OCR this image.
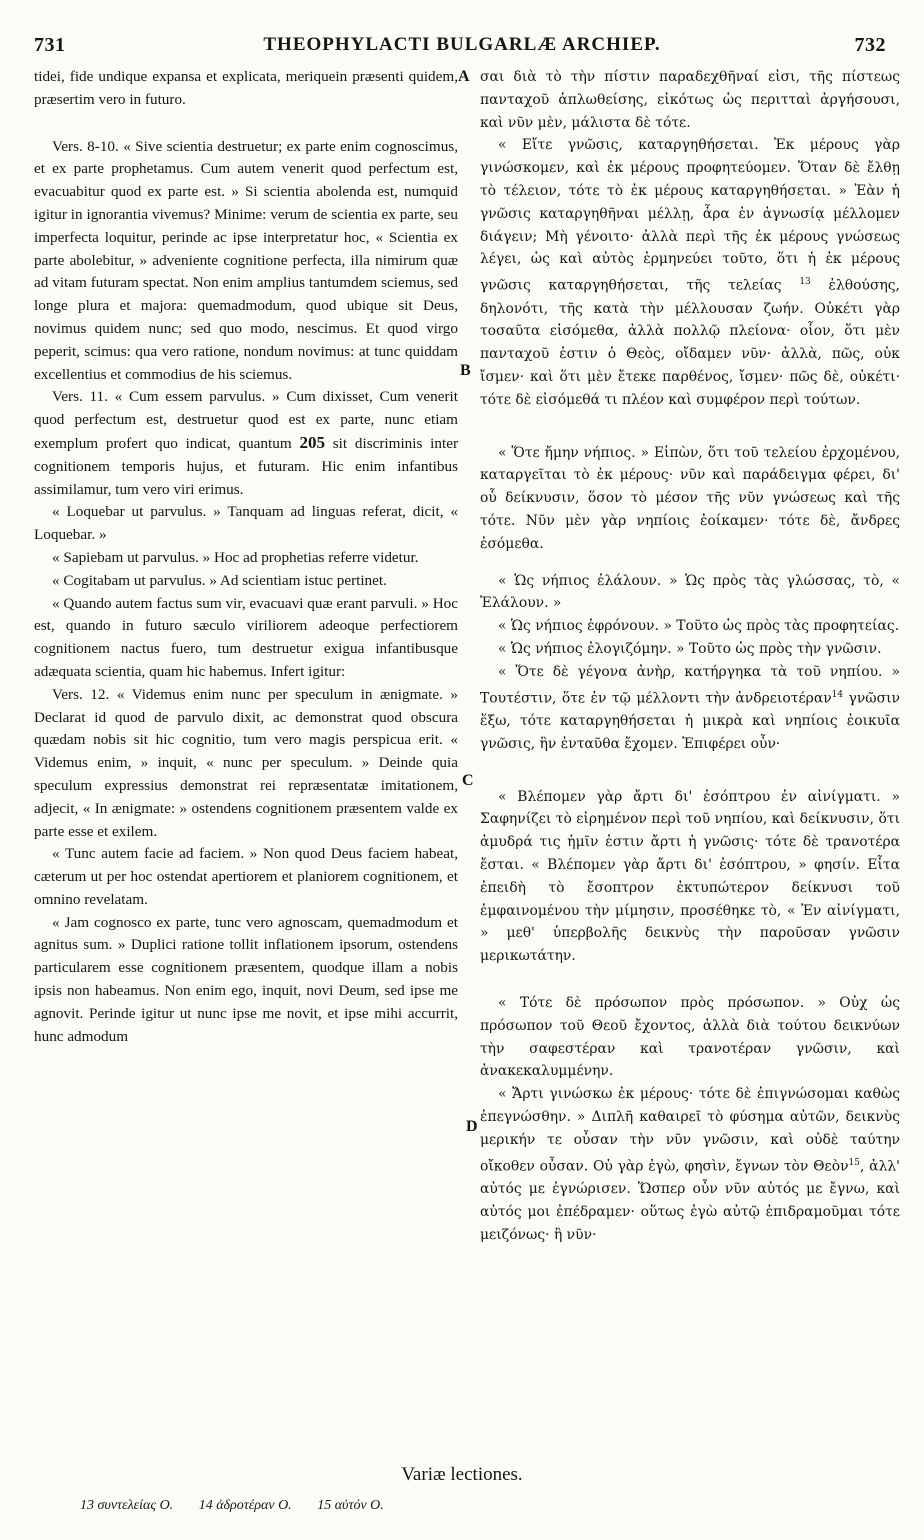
731	THEOPHYLACTI BULGARLÆ ARCHIEP.	732
A
B
C
D

tidei, fide undique expansa et explicata, meriquein præsenti quidem, præsertim vero in futuro.

Vers. 8-10. « Sive scientia destruetur; ex parte enim cognoscimus, et ex parte prophetamus. Cum autem venerit quod perfectum est, evacuabitur quod ex parte est. » Si scientia abolenda est, numquid igitur in ignorantia vivemus? Minime: verum de scientia ex parte, seu imperfecta loquitur, perinde ac ipse interpretatur hoc, « Scientia ex parte abolebitur, » adveniente cognitione perfecta, illa nimirum quæ ad vitam futuram spectat. Non enim amplius tantumdem sciemus, sed longe plura et majora: quemadmodum, quod ubique sit Deus, novimus quidem nunc; sed quo modo, nescimus. Et quod virgo peperit, scimus: qua vero ratione, nondum novimus: at tunc quiddam excellentius et commodius de his sciemus.

Vers. 11. « Cum essem parvulus. » Cum dixisset, Cum venerit quod perfectum est, destruetur quod est ex parte, nunc etiam exemplum profert quo indicat, quantum 205 sit discriminis inter cognitionem temporis hujus, et futuram. Hic enim infantibus assimilamur, tum vero viri erimus.

« Loquebar ut parvulus. » Tanquam ad linguas referat, dicit, « Loquebar. »

« Sapiebam ut parvulus. » Hoc ad prophetias referre videtur.

« Cogitabam ut parvulus. » Ad scientiam istuc pertinet.

« Quando autem factus sum vir, evacuavi quæ erant parvuli. » Hoc est, quando in futuro sæculo viriliorem adeoque perfectiorem cognitionem nactus fuero, tum destruetur exigua infantibusque adæquata scientia, quam hic habemus. Infert igitur:

Vers. 12. « Videmus enim nunc per speculum in ænigmate. » Declarat id quod de parvulo dixit, ac demonstrat quod obscura quædam nobis sit hic cognitio, tum vero magis perspicua erit. « Videmus enim, » inquit, « nunc per speculum. » Deinde quia speculum expressius demonstrat rei repræsentatæ imitationem, adjecit, « In ænigmate: » ostendens cognitionem præsentem valde ex parte esse et exilem.

« Tunc autem facie ad faciem. » Non quod Deus faciem habeat, cæterum ut per hoc ostendat apertiorem et planiorem cognitionem, et omnino revelatam.

« Jam cognosco ex parte, tunc vero agnoscam, quemadmodum et agnitus sum. » Duplici ratione tollit inflationem ipsorum, ostendens particularem esse cognitionem præsentem, quodque illam a nobis ipsis non habeamus. Non enim ego, inquit, novi Deum, sed ipse me agnovit. Perinde igitur ut nunc ipse me novit, et ipse mihi accurrit, hunc admodum

σαι διὰ τὸ τὴν πίστιν παραδεχθῆναί εἰσι, τῆς πίστεως πανταχοῦ ἁπλωθείσης, εἰκότως ὡς περιτταὶ ἀργήσουσι, καὶ νῦν μὲν, μάλιστα δὲ τότε.

« Εἴτε γνῶσις, καταργηθήσεται. Ἐκ μέρους γὰρ γινώσκομεν, καὶ ἐκ μέρους προφητεύομεν. Ὅταν δὲ ἔλθῃ τὸ τέλειον, τότε τὸ ἐκ μέρους καταργηθήσεται. » Ἐὰν ἡ γνῶσις καταργηθῆναι μέλλῃ, ἆρα ἐν ἀγνωσίᾳ μέλλομεν διάγειν; Μὴ γένοιτο· ἀλλὰ περὶ τῆς ἐκ μέρους γνώσεως λέγει, ὡς καὶ αὐτὸς ἑρμηνεύει τοῦτο, ὅτι ἡ ἐκ μέρους γνῶσις καταργηθήσεται, τῆς τελείας $^{13}$ ἐλθούσης, δηλονότι, τῆς κατὰ τὴν μέλλουσαν ζωήν. Οὐκέτι γὰρ τοσαῦτα εἰσόμεθα, ἀλλὰ πολλῷ πλείονα· οἷον, ὅτι μὲν πανταχοῦ ἐστιν ὁ Θεὸς, οἴδαμεν νῦν· ἀλλὰ, πῶς, οὐκ ἴσμεν· καὶ ὅτι μὲν ἔτεκε παρθένος, ἴσμεν· πῶς δὲ, οὐκέτι· τότε δὲ εἰσόμεθά τι πλέον καὶ συμφέρον περὶ τούτων.

« Ὅτε ἤμην νήπιος. » Εἰπὼν, ὅτι τοῦ τελείου ἐρχομένου, καταργεῖται τὸ ἐκ μέρους· νῦν καὶ παράδειγμα φέρει, δι' οὗ δείκνυσιν, ὅσον τὸ μέσον τῆς νῦν γνώσεως καὶ τῆς τότε. Νῦν μὲν γὰρ νηπίοις ἐοίκαμεν· τότε δὲ, ἄνδρες ἐσόμεθα.

« Ὡς νήπιος ἐλάλουν. » Ὡς πρὸς τὰς γλώσσας, τὸ, « Ἐλάλουν. »

« Ὡς νήπιος ἐφρόνουν. » Τοῦτο ὡς πρὸς τὰς προφητείας.

« Ὡς νήπιος ἐλογιζόμην. » Τοῦτο ὡς πρὸς τὴν γνῶσιν.

« Ὅτε δὲ γέγονα ἀνὴρ, κατήργηκα τὰ τοῦ νηπίου. » Τουτέστιν, ὅτε ἐν τῷ μέλλοντι τὴν ἀνδρειοτέραν$^{14}$ γνῶσιν ἕξω, τότε καταργηθήσεται ἡ μικρὰ καὶ νηπίοις ἐοικυῖα γνῶσις, ἣν ἐνταῦθα ἔχομεν. Ἐπιφέρει οὖν·

« Βλέπομεν γὰρ ἄρτι δι' ἐσόπτρου ἐν αἰνίγματι. » Σαφηνίζει τὸ εἰρημένον περὶ τοῦ νηπίου, καὶ δείκνυσιν, ὅτι ἀμυδρά τις ἡμῖν ἐστιν ἄρτι ἡ γνῶσις· τότε δὲ τρανοτέρα ἔσται. « Βλέπομεν γὰρ ἄρτι δι' ἐσόπτρου, » φησίν. Εἶτα ἐπειδὴ τὸ ἔσοπτρον ἐκτυπώτερον δείκνυσι τοῦ ἐμφαινομένου τὴν μίμησιν, προσέθηκε τὸ, « Ἐν αἰνίγματι, » μεθ' ὑπερβολῆς δεικνὺς τὴν παροῦσαν γνῶσιν μερικωτάτην.

« Τότε δὲ πρόσωπον πρὸς πρόσωπον. » Οὐχ ὡς πρόσωπον τοῦ Θεοῦ ἔχοντος, ἀλλὰ διὰ τούτου δεικνύων τὴν σαφεστέραν καὶ τρανοτέραν γνῶσιν, καὶ ἀνακεκαλυμμένην.

« Ἄρτι γινώσκω ἐκ μέρους· τότε δὲ ἐπιγνώσομαι καθὼς ἐπεγνώσθην. » Διπλῆ καθαιρεῖ τὸ φύσημα αὐτῶν, δεικνὺς μερικήν τε οὖσαν τὴν νῦν γνῶσιν, καὶ οὐδὲ ταύτην οἴκοθεν οὖσαν. Οὐ γὰρ ἐγὼ, φησὶν, ἔγνων τὸν Θεὸν$^{15}$, ἀλλ' αὐτός με ἐγνώρισεν. Ὥσπερ οὖν νῦν αὐτός με ἔγνω, καὶ αὐτός μοι ἐπέδραμεν· οὕτως ἐγὼ αὐτῷ ἐπιδραμοῦμαι τότε μειζόνως· ἢ νῦν·

Variæ lectiones.
13 συντελείας O. 14 ἀδροτέραν O. 15 αὐτόν O.
